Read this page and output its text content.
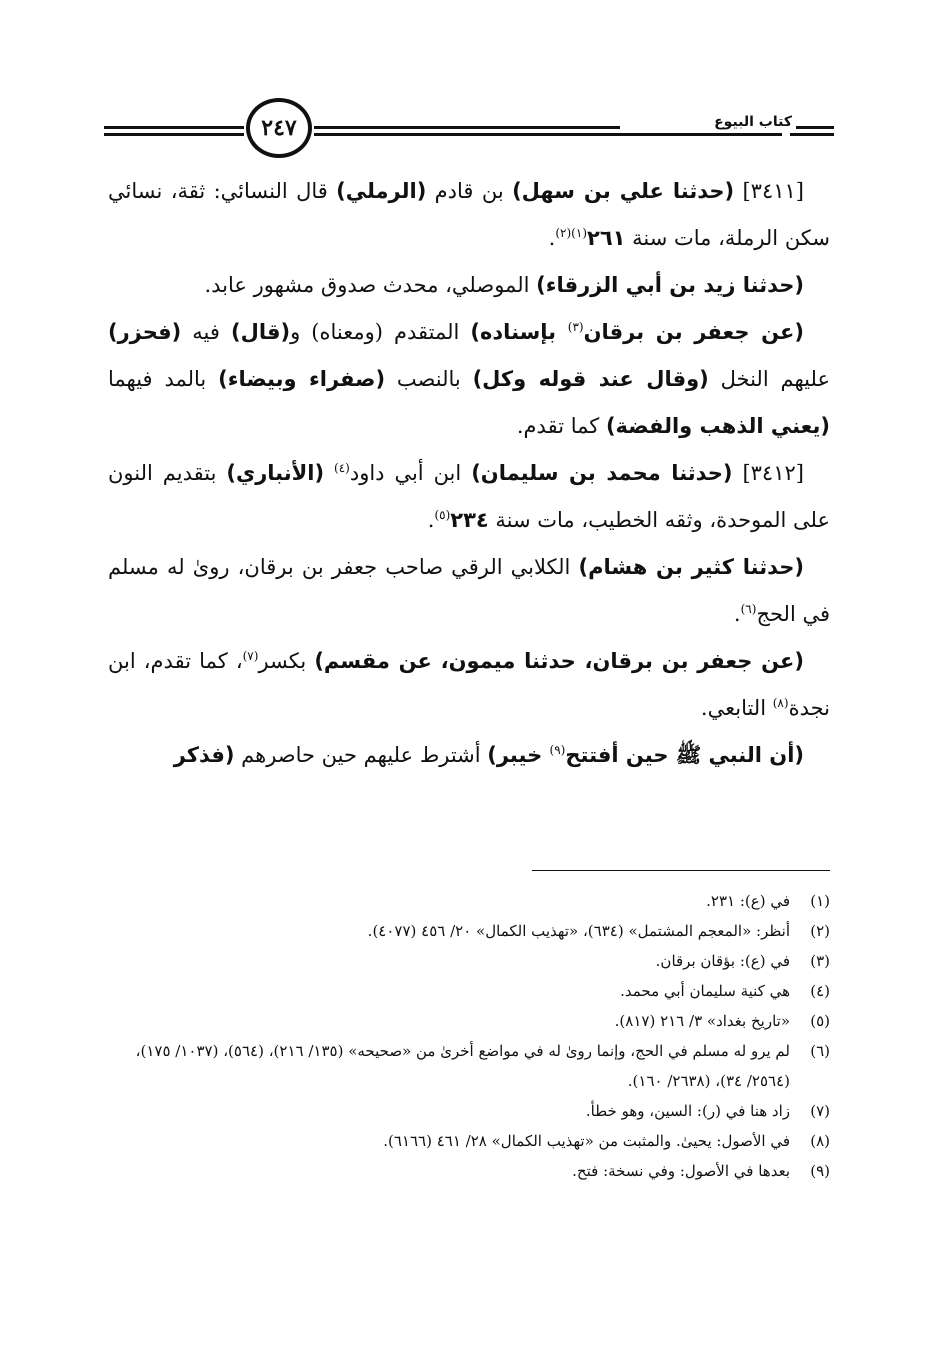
٢٤٧	كتاب البيوع

[٣٤١١] (حدثنا علي بن سهل) بن قادم (الرملي) قال النسائي: ثقة، نسائي سكن الرملة، مات سنة $٢٦١^{(١)(٢)}$.

(حدثنا زيد بن أبي الزرقاء) الموصلي، محدث صدوق مشهور عابد.

(عن جعفر بن برقان$^{(٣)}$ بإسناده) المتقدم (ومعناه) و(قال) فيه (فحزر) عليهم النخل (وقال عند قوله وكل) بالنصب (صفراء وبيضاء) بالمد فيهما (يعني الذهب والفضة) كما تقدم.

[٣٤١٢] (حدثنا محمد بن سليمان) ابن أبي داود$^{(٤)}$ (الأنباري) بتقديم النون على الموحدة، وثقه الخطيب، مات سنة ٢٣٤$^{(٥)}$.

(حدثنا كثير بن هشام) الكلابي الرقي صاحب جعفر بن برقان، روىٰ له مسلم في الحج$^{(٦)}$.

(عن جعفر بن برقان، حدثنا ميمون، عن مقسم) بكسر$^{(٧)}$، كما تقدم، ابن نجدة$^{(٨)}$ التابعي.

(أن النبي ﷺ حين أفتتح$^{(٩)}$ خيبر) أشترط عليهم حين حاصرهم (فذكر

(١)
في (ع): ٢٣١.
(٢)
أنظر: «المعجم المشتمل» (٦٣٤)، «تهذيب الكمال» ٢٠/ ٤٥٦ (٤٠٧٧).
(٣)
في (ع): بؤقان برقان.
(٤)
هي كنية سليمان أبي محمد.
(٥)
«تاريخ بغداد» ٣/ ٢١٦ (٨١٧).
(٦)
لم يرو له مسلم في الحج، وإنما روىٰ له في مواضع أخرىٰ من «صحيحه» (١٣٥/ ٢١٦)، (٥٦٤)، (١٠٣٧/ ١٧٥)، (٢٥٦٤/ ٣٤)، (٢٦٣٨/ ١٦٠).
(٧)
زاد هنا في (ر): السين، وهو خطأ.
(٨)
في الأصول: يحيىٰ. والمثبت من «تهذيب الكمال» ٢٨/ ٤٦١ (٦١٦٦).
(٩)
بعدها في الأصول: وفي نسخة: فتح.
